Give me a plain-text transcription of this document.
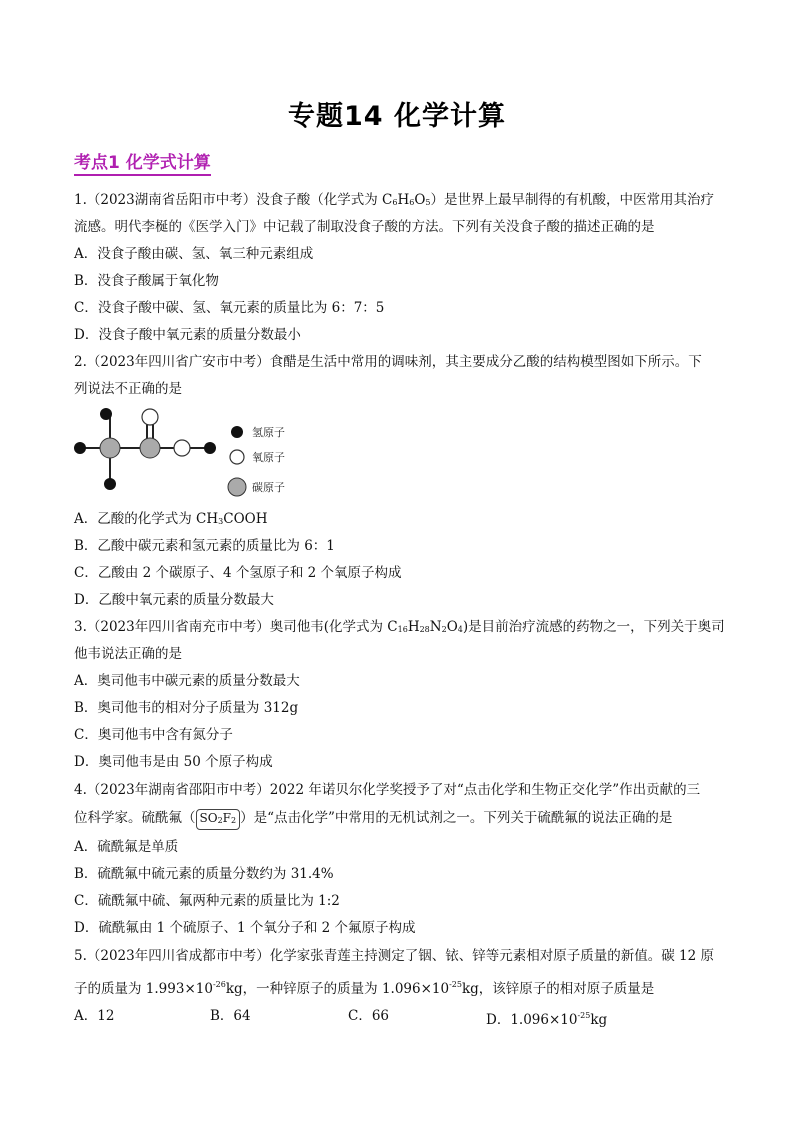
专题14 化学计算
考点1 化学式计算
1.（2023湖南省岳阳市中考）没食子酸（化学式为 C6H6O5）是世界上最早制得的有机酸，中医常用其治疗
流感。明代李梴的《医学入门》中记载了制取没食子酸的方法。下列有关没食子酸的描述正确的是
A．没食子酸由碳、氢、氧三种元素组成
B．没食子酸属于氧化物
C．没食子酸中碳、氢、氧元素的质量比为 6：7：5
D．没食子酸中氧元素的质量分数最小
2.（2023年四川省广安市中考）食醋是生活中常用的调味剂，其主要成分乙酸的结构模型图如下所示。下
列说法不正确的是
氢原子
氧原子
碳原子
A．乙酸的化学式为 CH3COOH
B．乙酸中碳元素和氢元素的质量比为 6：1
C．乙酸由 2 个碳原子、4 个氢原子和 2 个氧原子构成
D．乙酸中氧元素的质量分数最大
3.（2023年四川省南充市中考）奥司他韦(化学式为 C16H28N2O4)是目前治疗流感的药物之一，下列关于奥司
他韦说法正确的是
A．奥司他韦中碳元素的质量分数最大
B．奥司他韦的相对分子质量为 312g
C．奥司他韦中含有氮分子
D．奥司他韦是由 50 个原子构成
4.（2023年湖南省邵阳市中考）2022 年诺贝尔化学奖授予了对“点击化学和生物正交化学”作出贡献的三
位科学家。硫酰氟（ SO2F2 ）是“点击化学”中常用的无机试剂之一。下列关于硫酰氟的说法正确的是
A．硫酰氟是单质
B．硫酰氟中硫元素的质量分数约为 31.4%
C．硫酰氟中硫、氟两种元素的质量比为 1:2
D．硫酰氟由 1 个硫原子、1 个氧分子和 2 个氟原子构成
5.（2023年四川省成都市中考）化学家张青莲主持测定了铟、铱、锌等元素相对原子质量的新值。碳 12 原
子的质量为 $1.993\times 10^{-26}kg$，一种锌原子的质量为 $1.096\times 10^{-25}kg$，该锌原子的相对原子质量是
A．12	B．64	C．66	D．$1.096\times 10^{-25}kg$
